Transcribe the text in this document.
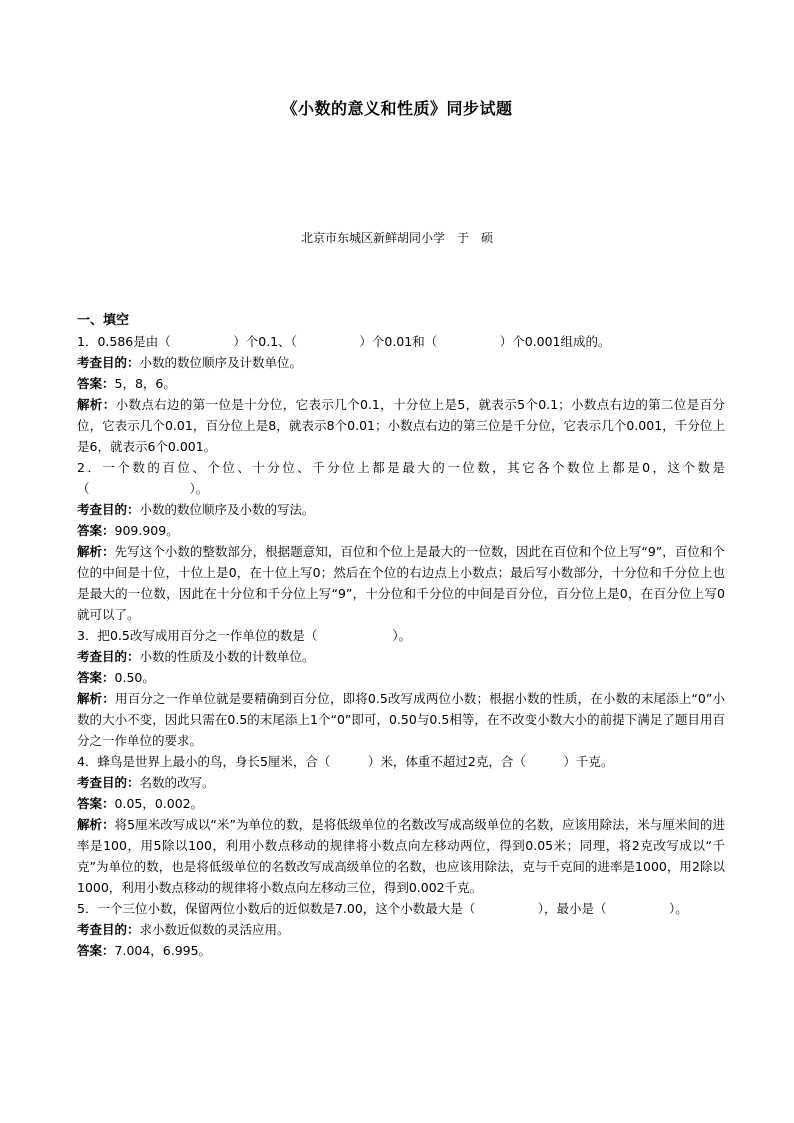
《小数的意义和性质》同步试题
北京市东城区新鲜胡同小学　于　硕

一、填空

1．0.586是由（　　　　　）个0.1、（　　　　　）个0.01和（　　　　　）个0.001组成的。

考查目的：小数的数位顺序及计数单位。

答案：5，8，6。

解析：小数点右边的第一位是十分位，它表示几个0.1，十分位上是5，就表示5个0.1；小数点右边的第二位是百分位，它表示几个0.01，百分位上是8，就表示8个0.01；小数点右边的第三位是千分位，它表示几个0.001，千分位上是6，就表示6个0.001。

2．一个数的百位、个位、十分位、千分位上都是最大的一位数，其它各个数位上都是0，这个数是（　　　　　　　　）。

考查目的：小数的数位顺序及小数的写法。

答案：909.909。

解析：先写这个小数的整数部分，根据题意知，百位和个位上是最大的一位数，因此在百位和个位上写“9”，百位和个位的中间是十位，十位上是0，在十位上写0；然后在个位的右边点上小数点；最后写小数部分，十分位和千分位上也是最大的一位数，因此在十分位和千分位上写“9”，十分位和千分位的中间是百分位，百分位上是0，在百分位上写0就可以了。

3．把0.5改写成用百分之一作单位的数是（　　　　　　）。

考查目的：小数的性质及小数的计数单位。

答案：0.50。

解析：用百分之一作单位就是要精确到百分位，即将0.5改写成两位小数；根据小数的性质，在小数的末尾添上“0”小数的大小不变，因此只需在0.5的末尾添上1个“0”即可，0.50与0.5相等，在不改变小数大小的前提下满足了题目用百分之一作单位的要求。

4．蜂鸟是世界上最小的鸟，身长5厘米，合（　　　）米，体重不超过2克，合（　　　）千克。

考查目的：名数的改写。

答案：0.05，0.002。

解析：将5厘米改写成以“米”为单位的数，是将低级单位的名数改写成高级单位的名数，应该用除法，米与厘米间的进率是100，用5除以100，利用小数点移动的规律将小数点向左移动两位，得到0.05米；同理，将2克改写成以“千克”为单位的数，也是将低级单位的名数改写成高级单位的名数，也应该用除法，克与千克间的进率是1000，用2除以1000，利用小数点移动的规律将小数点向左移动三位，得到0.002千克。

5．一个三位小数，保留两位小数后的近似数是7.00，这个小数最大是（　　　　　），最小是（　　　　　）。

考查目的：求小数近似数的灵活应用。

答案：7.004，6.995。
